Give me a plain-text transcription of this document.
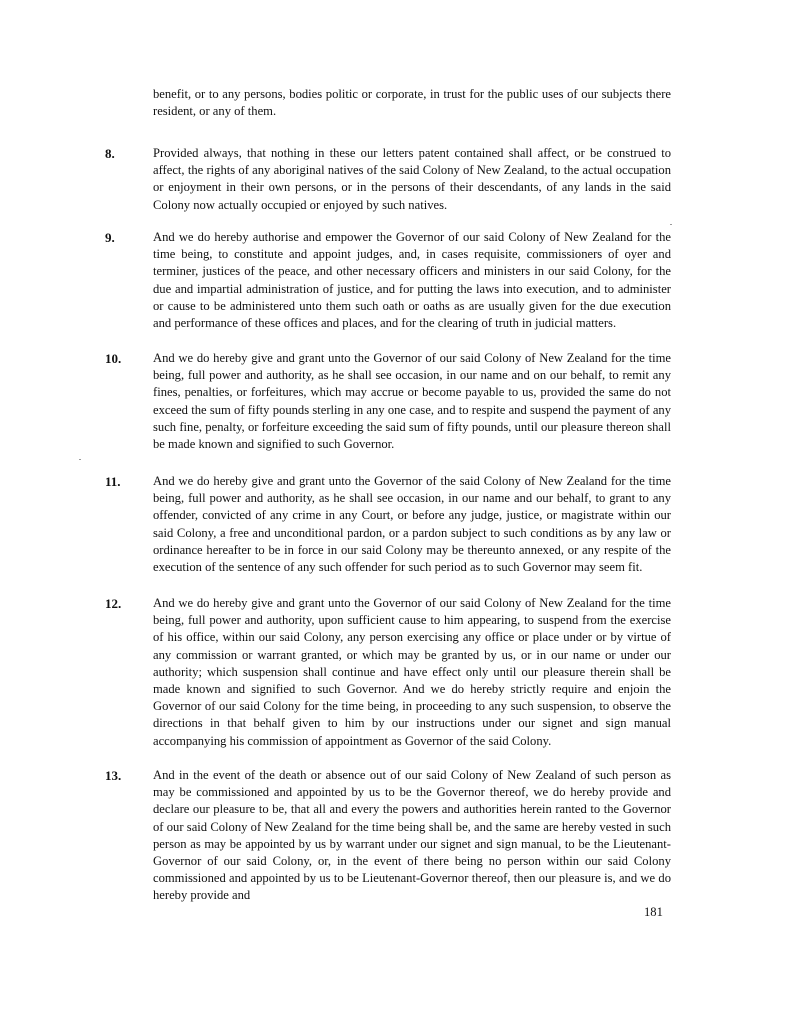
benefit, or to any persons, bodies politic or corporate, in trust for the public uses of our subjects there resident, or any of them.

8.	Provided always, that nothing in these our letters patent contained shall affect, or be construed to affect, the rights of any aboriginal natives of the said Colony of New Zealand, to the actual occupation or enjoyment in their own persons, or in the persons of their descendants, of any lands in the said Colony now actually occupied or enjoyed by such natives.

9.	And we do hereby authorise and empower the Governor of our said Colony of New Zealand for the time being, to constitute and appoint judges, and, in cases requisite, commissioners of oyer and terminer, justices of the peace, and other necessary officers and ministers in our said Colony, for the due and impartial administration of justice, and for putting the laws into execution, and to administer or cause to be administered unto them such oath or oaths as are usually given for the due execution and performance of these offices and places, and for the clearing of truth in judicial matters.

10.	And we do hereby give and grant unto the Governor of our said Colony of New Zealand for the time being, full power and authority, as he shall see occasion, in our name and on our behalf, to remit any fines, penalties, or forfeitures, which may accrue or become payable to us, provided the same do not exceed the sum of fifty pounds sterling in any one case, and to respite and suspend the payment of any such fine, penalty, or forfeiture exceeding the said sum of fifty pounds, until our pleasure thereon shall be made known and signified to such Governor.

11.	And we do hereby give and grant unto the Governor of the said Colony of New Zealand for the time being, full power and authority, as he shall see occasion, in our name and our behalf, to grant to any offender, convicted of any crime in any Court, or before any judge, justice, or magistrate within our said Colony, a free and unconditional pardon, or a pardon subject to such conditions as by any law or ordinance hereafter to be in force in our said Colony may be thereunto annexed, or any respite of the execution of the sentence of any such offender for such period as to such Governor may seem fit.

12.	And we do hereby give and grant unto the Governor of our said Colony of New Zealand for the time being, full power and authority, upon sufficient cause to him appearing, to suspend from the exercise of his office, within our said Colony, any person exercising any office or place under or by virtue of any commission or warrant granted, or which may be granted by us, or in our name or under our authority; which suspension shall continue and have effect only until our pleasure therein shall be made known and signified to such Governor. And we do hereby strictly require and enjoin the Governor of our said Colony for the time being, in proceeding to any such suspension, to observe the directions in that behalf given to him by our instructions under our signet and sign manual accompanying his commission of appointment as Governor of the said Colony.

13.	And in the event of the death or absence out of our said Colony of New Zealand of such person as may be commissioned and appointed by us to be the Governor thereof, we do hereby provide and declare our pleasure to be, that all and every the powers and authorities herein ranted to the Governor of our said Colony of New Zealand for the time being shall be, and the same are hereby vested in such person as may be appointed by us by warrant under our signet and sign manual, to be the Lieutenant-Governor of our said Colony, or, in the event of there being no person within our said Colony commissioned and appointed by us to be Lieutenant-Governor thereof, then our pleasure is, and we do hereby provide and

181
